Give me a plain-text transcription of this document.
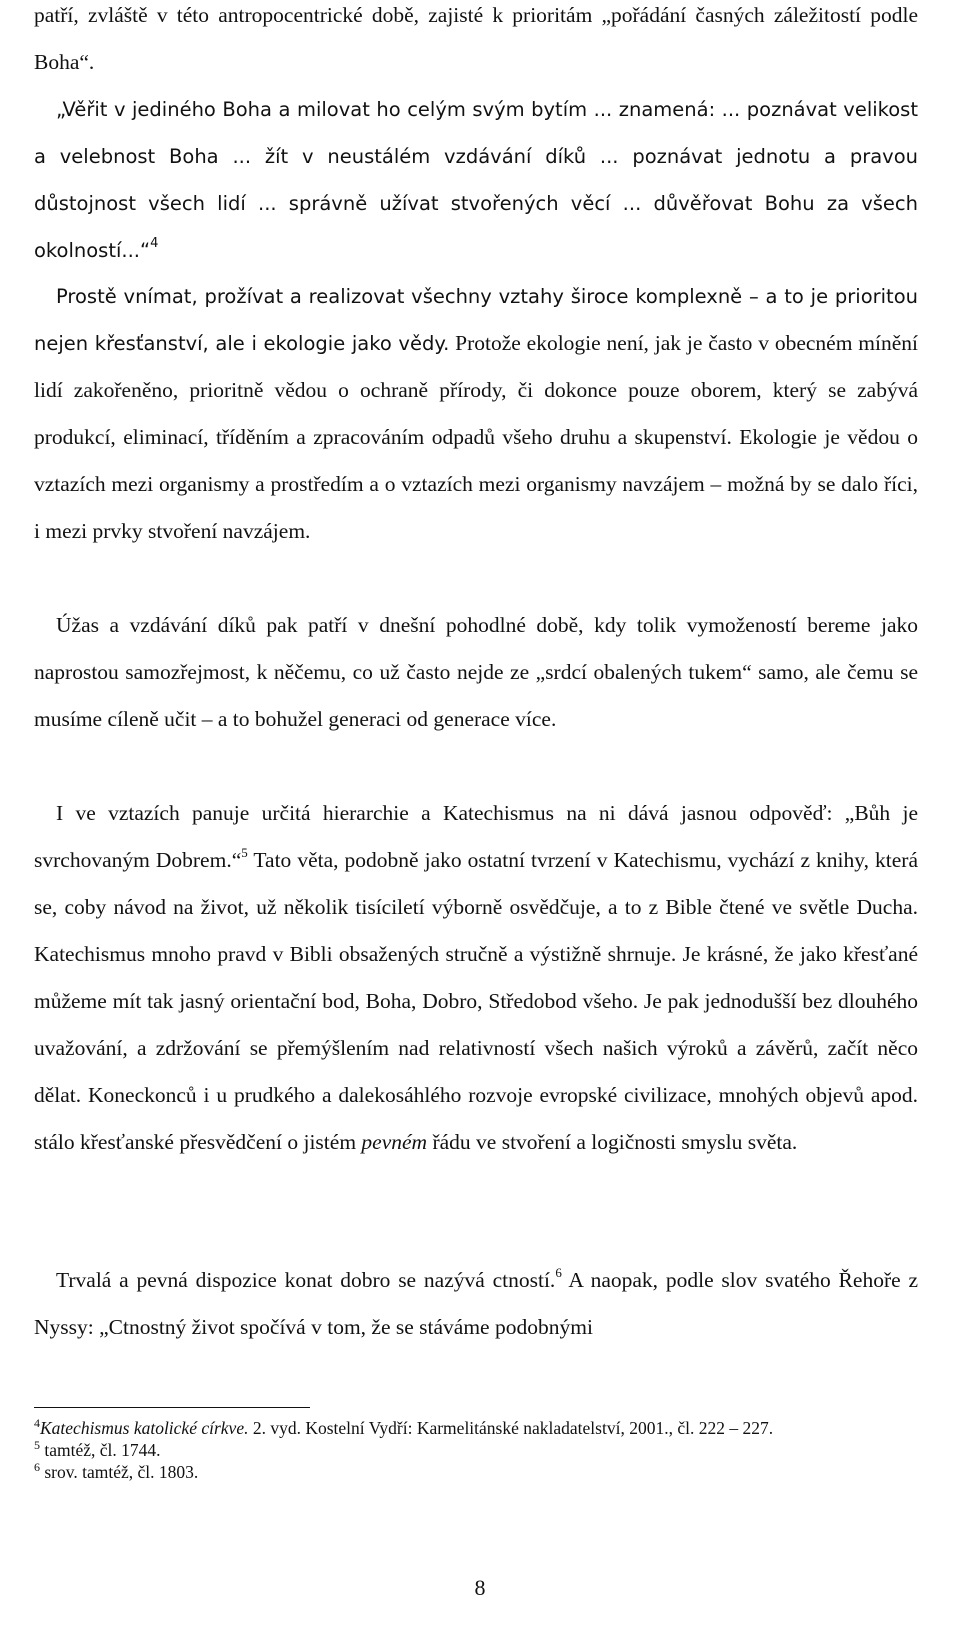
patří, zvláště v této antropocentrické době, zajisté k prioritám „pořádání časných záležitostí podle Boha“.

„Věřit v jediného Boha a milovat ho celým svým bytím ... znamená: ... poznávat velikost a velebnost Boha ... žít v neustálém vzdávání díků ... poznávat jednotu a pravou důstojnost všech lidí ... správně užívat stvořených věcí ... důvěřovat Bohu za všech okolností...“$^4$

Prostě vnímat, prožívat a realizovat všechny vztahy široce komplexně – a to je prioritou nejen křesťanství, ale i ekologie jako vědy. Protože ekologie není, jak je často v obecném mínění lidí zakořeněno, prioritně vědou o ochraně přírody, či dokonce pouze oborem, který se zabývá produkcí, eliminací, tříděním a zpracováním odpadů všeho druhu a skupenství. Ekologie je vědou o vztazích mezi organismy a prostředím a o vztazích mezi organismy navzájem – možná by se dalo říci, i mezi prvky stvoření navzájem.

Úžas a vzdávání díků pak patří v dnešní pohodlné době, kdy tolik vymožeností bereme jako naprostou samozřejmost, k něčemu, co už často nejde ze „srdcí obalených tukem“ samo, ale čemu se musíme cíleně učit – a to bohužel generaci od generace více.

I ve vztazích panuje určitá hierarchie a Katechismus na ni dává jasnou odpověď: „Bůh je svrchovaným Dobrem.“$^5$ Tato věta, podobně jako ostatní tvrzení v Katechismu, vychází z knihy, která se, coby návod na život, už několik tisíciletí výborně osvědčuje, a to z Bible čtené ve světle Ducha. Katechismus mnoho pravd v Bibli obsažených stručně a výstižně shrnuje. Je krásné, že jako křesťané můžeme mít tak jasný orientační bod, Boha, Dobro, Středobod všeho. Je pak jednodušší bez dlouhého uvažování, a zdržování se přemýšlením nad relativností všech našich výroků a závěrů, začít něco dělat. Koneckonců i u prudkého a dalekosáhlého rozvoje evropské civilizace, mnohých objevů apod. stálo křesťanské přesvědčení o jistém pevném řádu ve stvoření a logičnosti smyslu světa.

Trvalá a pevná dispozice konat dobro se nazývá ctností.$^6$ A naopak, podle slov svatého Řehoře z Nyssy: „Ctnostný život spočívá v tom, že se stáváme podobnými

$^4$Katechismus katolické církve. 2. vyd. Kostelní Vydří: Karmelitánské nakladatelství, 2001., čl. 222 – 227.
$^5$ tamtéž, čl. 1744.
$^6$ srov. tamtéž, čl. 1803.
8
